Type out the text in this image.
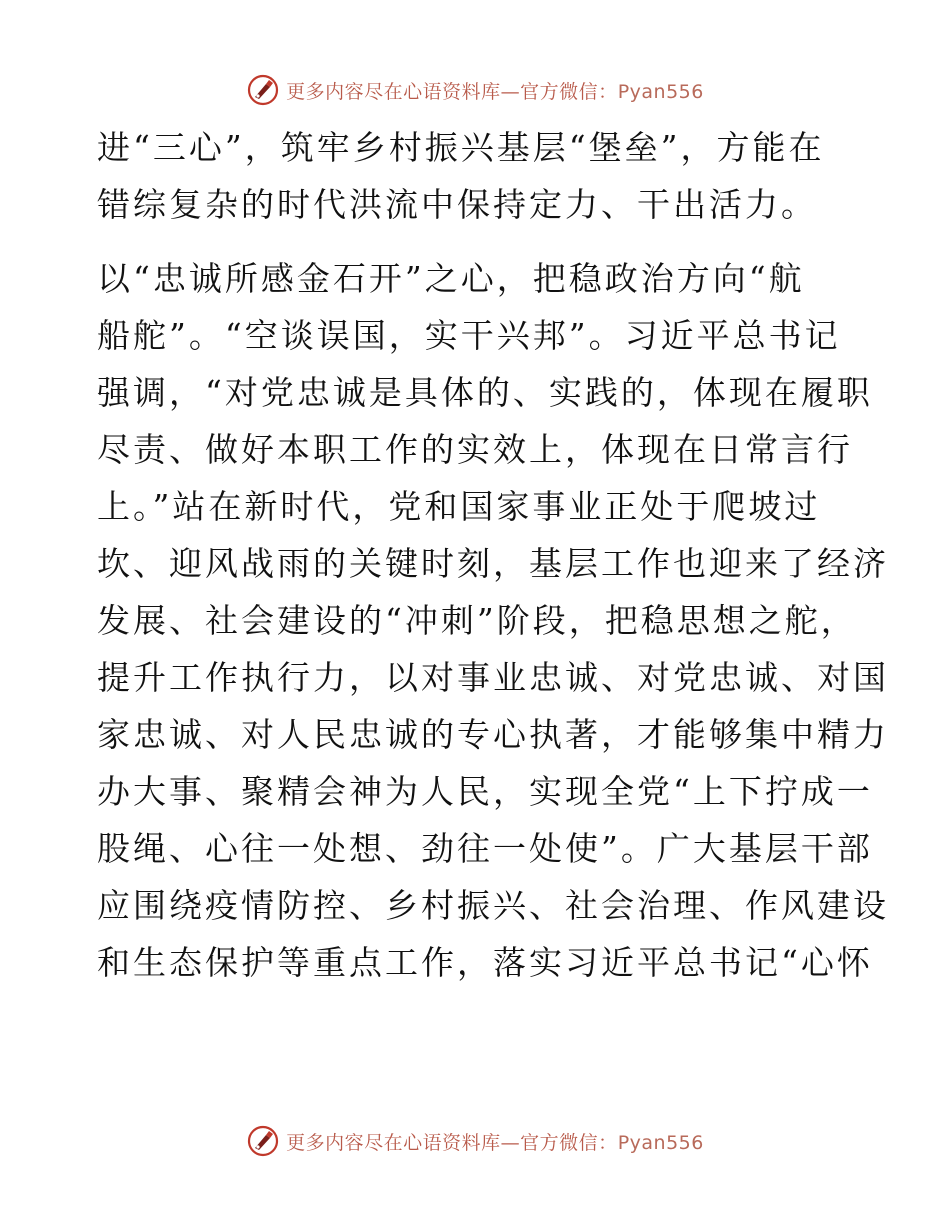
更多内容尽在心语资料库—官方微信：Pyan556
进“三心”，筑牢乡村振兴基层“堡垒”，方能在
错综复杂的时代洪流中保持定力、干出活力。
以“忠诚所感金石开”之心，把稳政治方向“航
船舵”。“空谈误国，实干兴邦”。习近平总书记
强调，“对党忠诚是具体的、实践的，体现在履职
尽责、做好本职工作的实效上，体现在日常言行
上。”站在新时代，党和国家事业正处于爬坡过
坎、迎风战雨的关键时刻，基层工作也迎来了经济
发展、社会建设的“冲刺”阶段，把稳思想之舵，
提升工作执行力，以对事业忠诚、对党忠诚、对国
家忠诚、对人民忠诚的专心执著，才能够集中精力
办大事、聚精会神为人民，实现全党“上下拧成一
股绳、心往一处想、劲往一处使”。广大基层干部
应围绕疫情防控、乡村振兴、社会治理、作风建设
和生态保护等重点工作，落实习近平总书记“心怀
更多内容尽在心语资料库—官方微信：Pyan556
